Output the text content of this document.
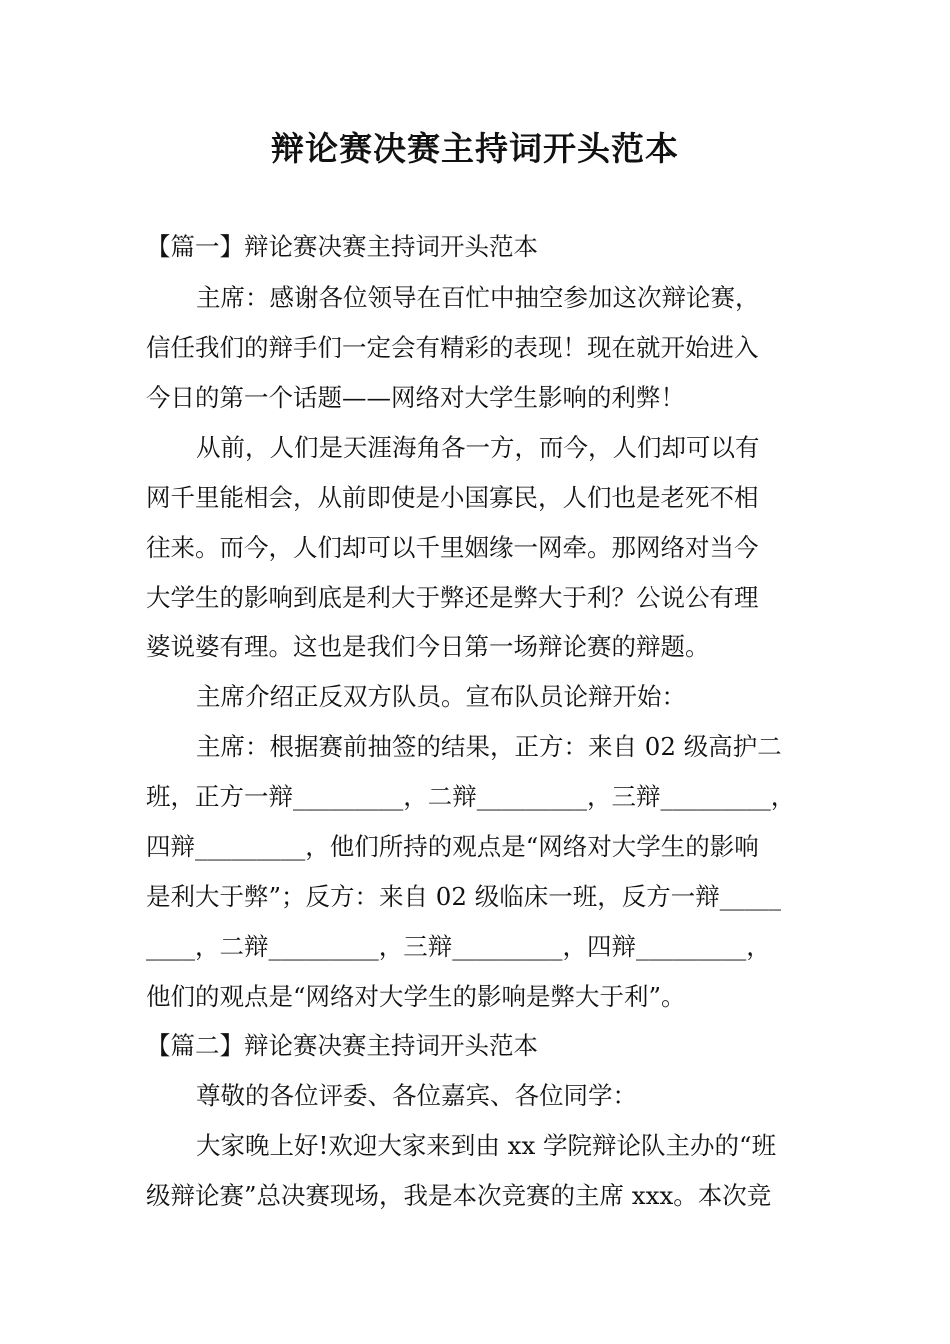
辩论赛决赛主持词开头范本

【篇一】辩论赛决赛主持词开头范本

主席：感谢各位领导在百忙中抽空参加这次辩论赛，

信任我们的辩手们一定会有精彩的表现！现在就开始进入

今日的第一个话题——网络对大学生影响的利弊！

从前，人们是天涯海角各一方，而今，人们却可以有

网千里能相会，从前即使是小国寡民，人们也是老死不相

往来。而今，人们却可以千里姻缘一网牵。那网络对当今

大学生的影响到底是利大于弊还是弊大于利？公说公有理

婆说婆有理。这也是我们今日第一场辩论赛的辩题。

主席介绍正反双方队员。宣布队员论辩开始：

主席：根据赛前抽签的结果，正方：来自 02 级高护二

班，正方一辩_________，二辩_________，三辩_________，

四辩_________，他们所持的观点是“网络对大学生的影响

是利大于弊”；反方：来自 02 级临床一班，反方一辩_____

____，二辩_________，三辩_________，四辩_________，

他们的观点是“网络对大学生的影响是弊大于利”。

【篇二】辩论赛决赛主持词开头范本

尊敬的各位评委、各位嘉宾、各位同学：

大家晚上好!欢迎大家来到由 xx 学院辩论队主办的“班

级辩论赛”总决赛现场，我是本次竞赛的主席 xxx。本次竞
